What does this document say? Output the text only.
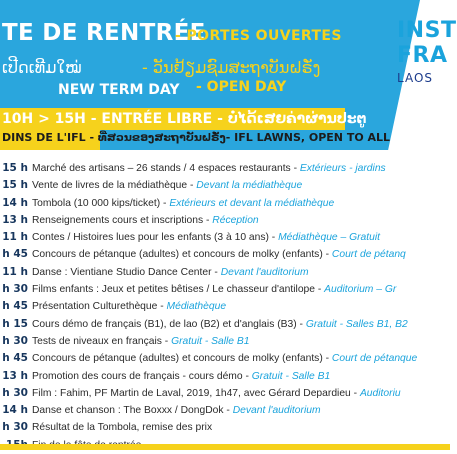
TE DE RENTRÉE
- PORTES OUVERTES
ເປີດເທີມໃໝ່	- ວັນຢ້ຽມຊົມສະຖາບັນຝຣັ່ງ
NEW TERM DAY - OPEN DAY
10H > 15H - ENTRÉE LIBRE - ບໍ່ໄດ້ເສຍຄ່າຜ່ານປະຕູ
DINS DE L'IFL - ທີ່ສວນຂອງສະຖາບັນຝຣັ່ງ- IFL LAWNS, OPEN TO ALL
INST
FRA
LAOS
15 h Marché des artisans – 26 stands / 4 espaces restaurants - Extérieurs - jardins
15 h Vente de livres de la médiathèque - Devant la médiathèque
14 h Tombola (10 000 kips/ticket) - Extérieurs et devant la médiathèque
13 h Renseignements cours et inscriptions - Réception
11 h Contes / Histoires lues pour les enfants (3 à 10 ans) - Médiathèque – Gratuit
h 45 Concours de pétanque (adultes) et concours de molky (enfants) - Court de pétanq
11 h Danse : Vientiane Studio Dance Center - Devant l'auditorium
h 30 Films enfants : Jeux et petites bêtises / Le chasseur d'antilope - Auditorium – Gr
h 45 Présentation Culturethèque - Médiathèque
h 15 Cours démo de français (B1), de lao (B2) et d'anglais (B3) - Gratuit - Salles B1, B2
h 30 Tests de niveaux en français - Gratuit - Salle B1
h 45 Concours de pétanque (adultes) et concours de molky (enfants) - Court de pétanque
13 h Promotion des cours de français - cours démo - Gratuit - Salle B1
h 30 Film : Fahim, PF Martin de Laval, 2019, 1h47, avec Gérard Depardieu - Auditoriu
14 h Danse et chanson : The Boxxx / DongDok - Devant l'auditorium
h 30 Résultat de la Tombola, remise des prix
